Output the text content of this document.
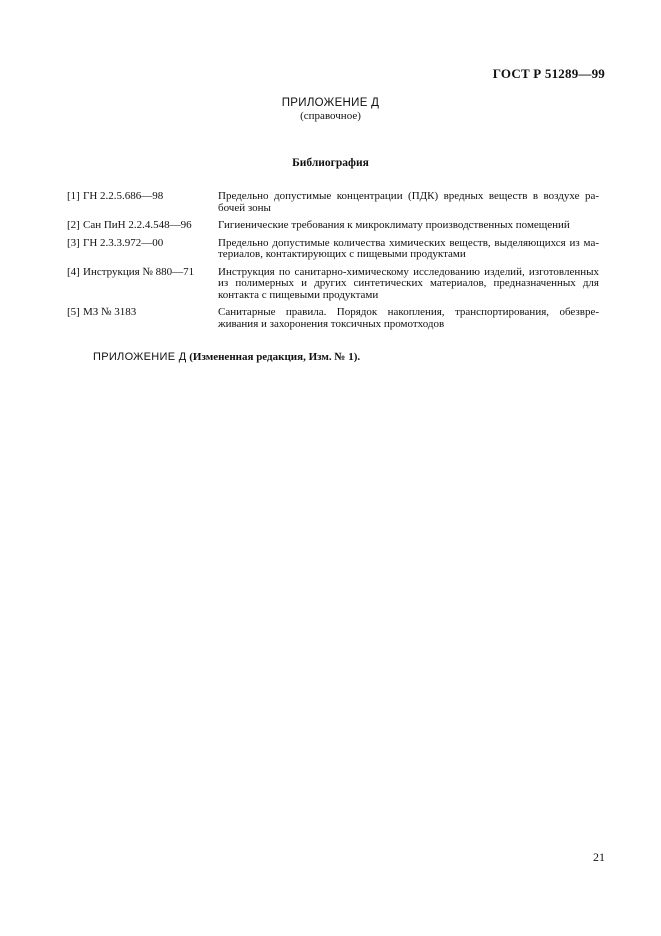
ГОСТ Р 51289—99
ПРИЛОЖЕНИЕ Д
(справочное)
Библиография
[1] ГН 2.2.5.686—98	Предельно допустимые концентрации (ПДК) вредных веществ в воздухе ра-бочей зоны
[2] Сан ПиН 2.2.4.548—96	Гигиенические требования к микроклимату производственных помещений
[3] ГН 2.3.3.972—00	Предельно допустимые количества химических веществ, выделяющихся из ма-териалов, контактирующих с пищевыми продуктами
[4] Инструкция № 880—71	Инструкция по санитарно-химическому исследованию изделий, изготовленных из полимерных и других синтетических материалов, предназначенных для контакта с пищевыми продуктами
[5] МЗ № 3183	Санитарные правила. Порядок накопления, транспортирования, обезвре-живания и захоронения токсичных промотходов
ПРИЛОЖЕНИЕ Д (Измененная редакция, Изм. № 1).
21
